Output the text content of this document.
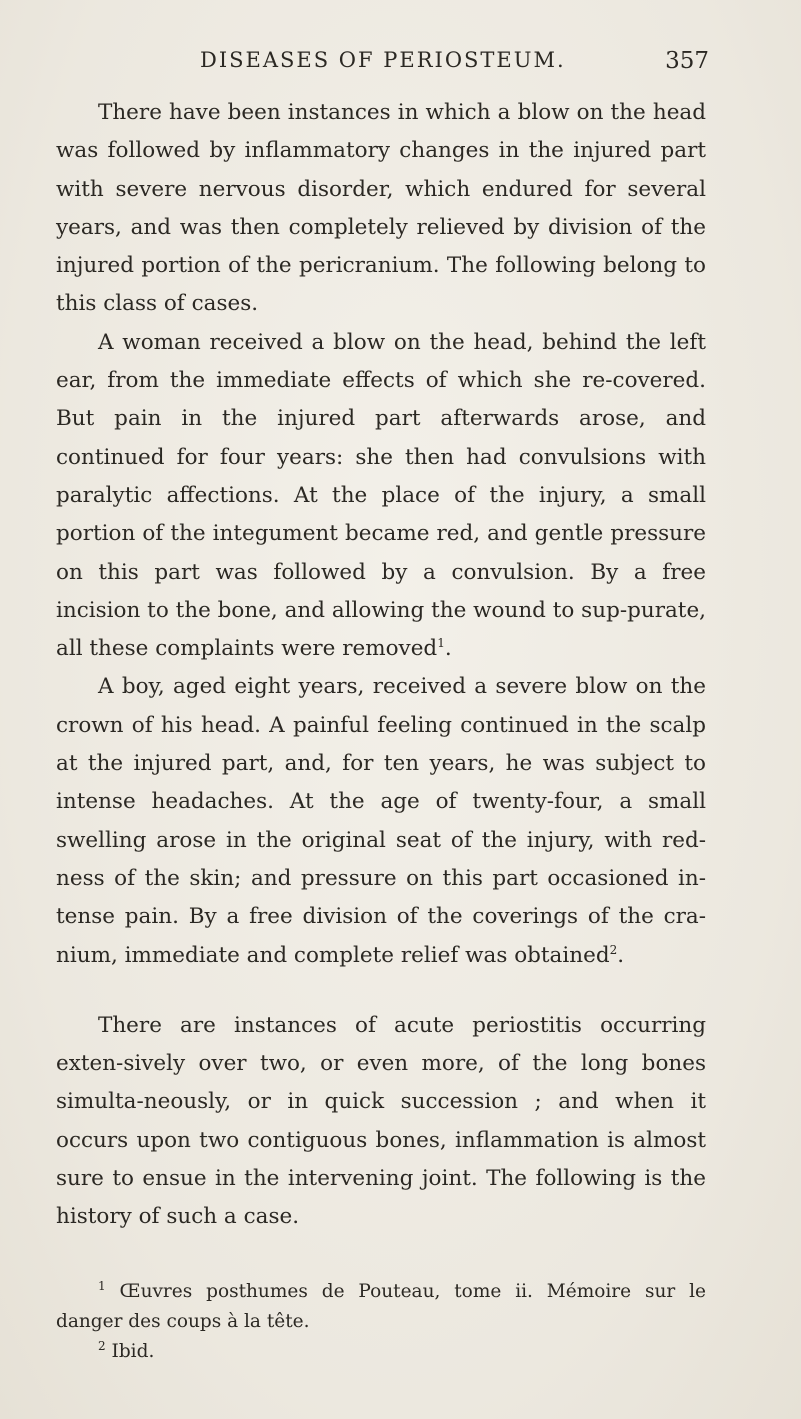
DISEASES OF PERIOSTEUM.	357

There have been instances in which a blow on the head was followed by inflammatory changes in the injured part with severe nervous disorder, which endured for several years, and was then completely relieved by division of the injured portion of the pericranium. The following belong to this class of cases.

A woman received a blow on the head, behind the left ear, from the immediate effects of which she re-covered. But pain in the injured part afterwards arose, and continued for four years: she then had convulsions with paralytic affections. At the place of the injury, a small portion of the integument became red, and gentle pressure on this part was followed by a convulsion. By a free incision to the bone, and allowing the wound to sup-purate, all these complaints were removed$^1$.

A boy, aged eight years, received a severe blow on the crown of his head. A painful feeling continued in the scalp at the injured part, and, for ten years, he was subject to intense headaches. At the age of twenty-four, a small swelling arose in the original seat of the injury, with red-ness of the skin; and pressure on this part occasioned in-tense pain. By a free division of the coverings of the cra-nium, immediate and complete relief was obtained$^2$.

There are instances of acute periostitis occurring exten-sively over two, or even more, of the long bones simulta-neously, or in quick succession ; and when it occurs upon two contiguous bones, inflammation is almost sure to ensue in the intervening joint. The following is the history of such a case.

$^1$ Œuvres posthumes de Pouteau, tome ii. Mémoire sur le danger des coups à la tête.

$^2$ Ibid.
